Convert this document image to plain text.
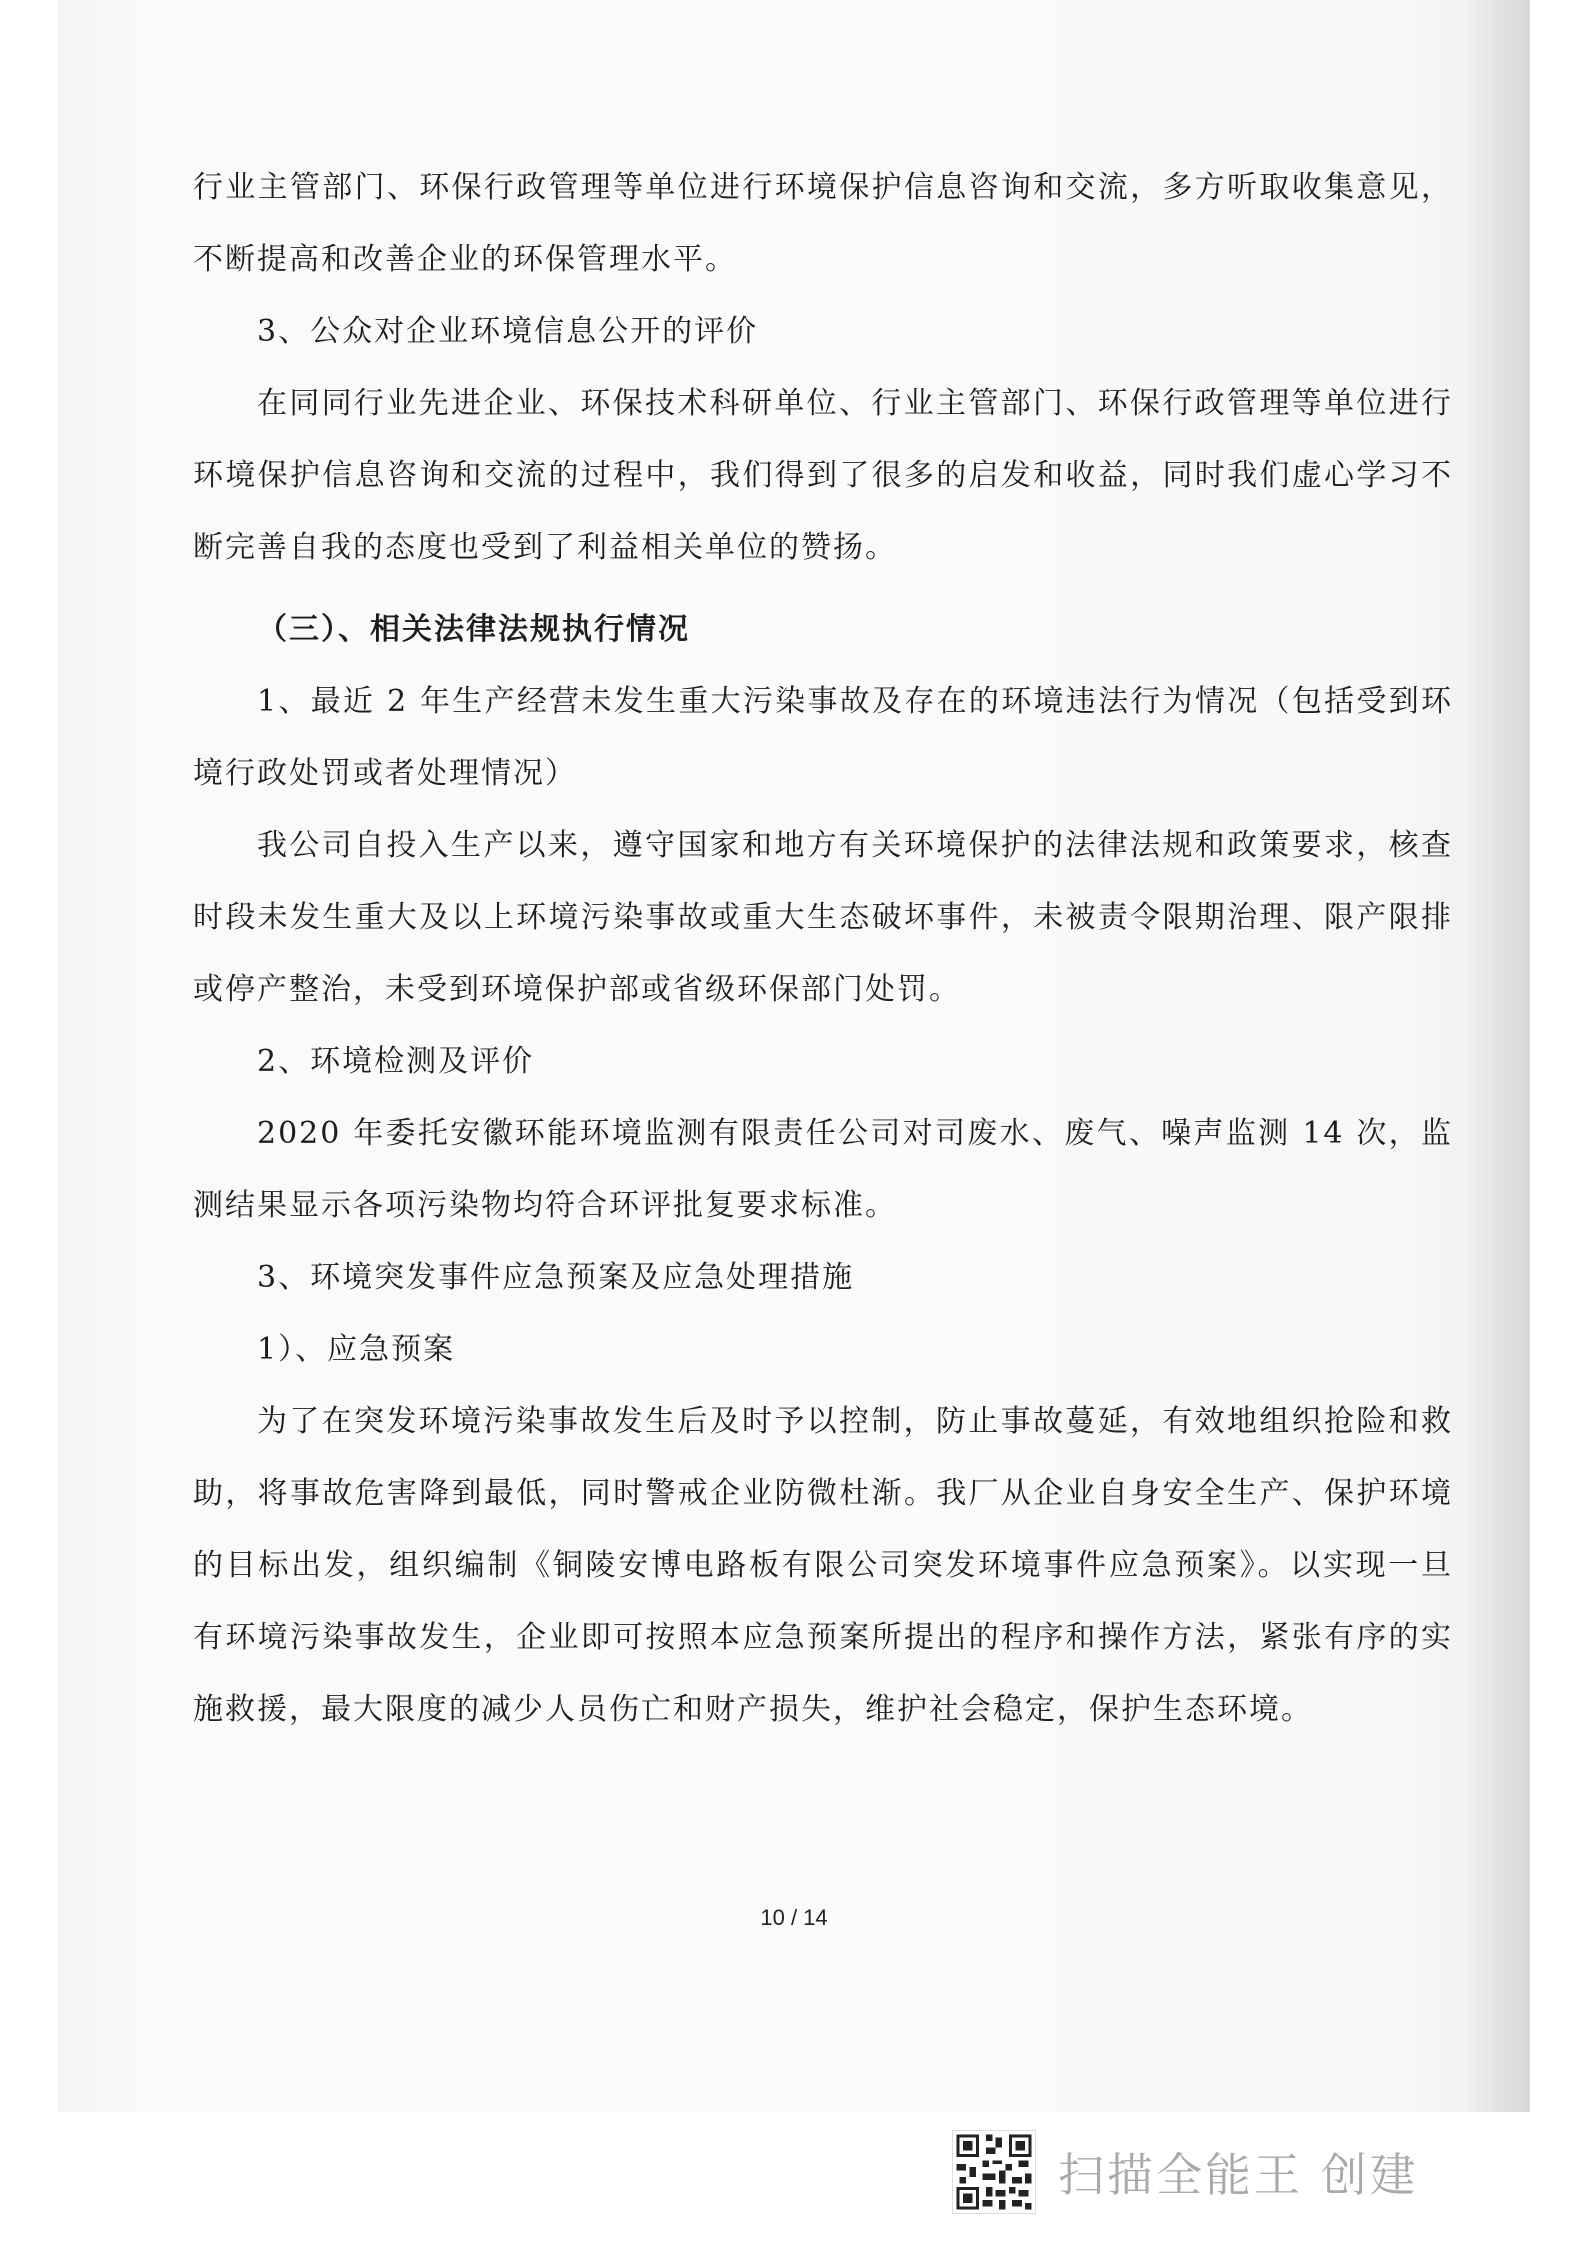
行业主管部门、环保行政管理等单位进行环境保护信息咨询和交流，多方听取收集意见，不断提高和改善企业的环保管理水平。

3、公众对企业环境信息公开的评价

在同同行业先进企业、环保技术科研单位、行业主管部门、环保行政管理等单位进行环境保护信息咨询和交流的过程中，我们得到了很多的启发和收益，同时我们虚心学习不断完善自我的态度也受到了利益相关单位的赞扬。

（三）、相关法律法规执行情况

1、最近 2 年生产经营未发生重大污染事故及存在的环境违法行为情况（包括受到环境行政处罚或者处理情况）

我公司自投入生产以来，遵守国家和地方有关环境保护的法律法规和政策要求，核查时段未发生重大及以上环境污染事故或重大生态破坏事件，未被责令限期治理、限产限排或停产整治，未受到环境保护部或省级环保部门处罚。

2、环境检测及评价

2020 年委托安徽环能环境监测有限责任公司对司废水、废气、噪声监测 14 次，监测结果显示各项污染物均符合环评批复要求标准。

3、环境突发事件应急预案及应急处理措施

1）、应急预案

为了在突发环境污染事故发生后及时予以控制，防止事故蔓延，有效地组织抢险和救助，将事故危害降到最低，同时警戒企业防微杜渐。我厂从企业自身安全生产、保护环境的目标出发，组织编制《铜陵安博电路板有限公司突发环境事件应急预案》。以实现一旦有环境污染事故发生，企业即可按照本应急预案所提出的程序和操作方法，紧张有序的实施救援，最大限度的减少人员伤亡和财产损失，维护社会稳定，保护生态环境。

10 / 14
扫描全能王 创建
